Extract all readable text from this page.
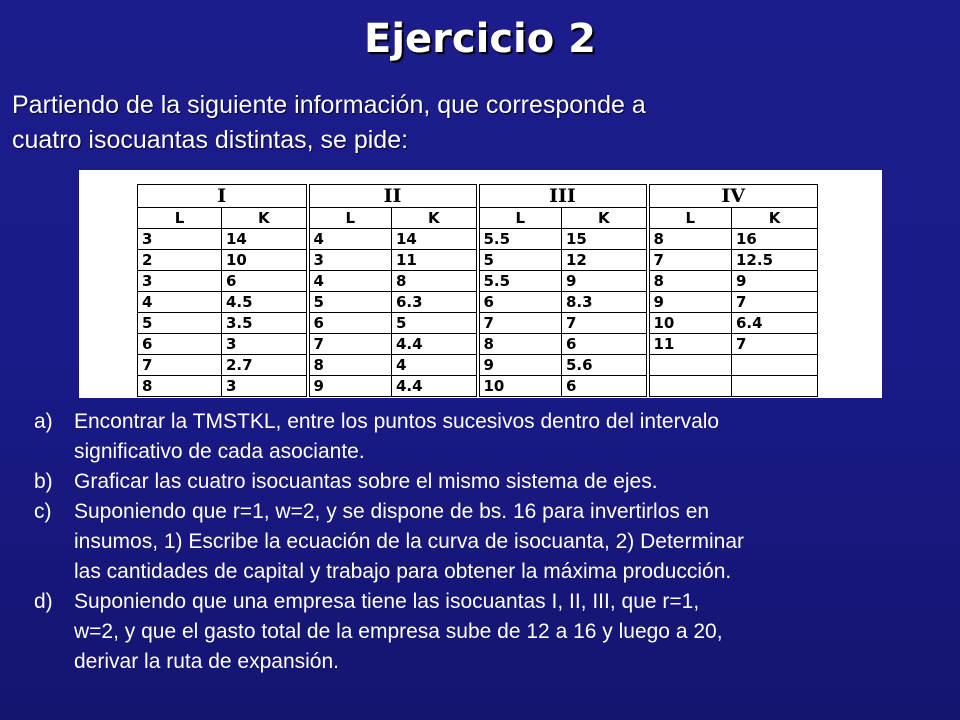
Ejercicio 2
Partiendo de la siguiente información, que corresponde a
cuatro isocuantas distintas, se pide:
I		II		III		IV	
L	K	L	K	L	K	L	K
3	14	4	14	5.5	15	8	16
2	10	3	11	5	12	7	12.5
3	6	4	8	5.5	9	8	9
4	4.5	5	6.3	6	8.3	9	7
5	3.5	6	5	7	7	10	6.4
6	3	7	4.4	8	6	11	7
7	2.7	8	4	9	5.6		
8	3	9	4.4	10	6		
a)	Encontrar la TMSTKL, entre los puntos sucesivos dentro del intervalo
significativo de cada asociante.
b)	Graficar las cuatro isocuantas sobre el mismo sistema de ejes.
c)	Suponiendo que r=1, w=2, y se dispone de bs. 16 para invertirlos en
insumos, 1) Escribe la ecuación de la curva de isocuanta, 2) Determinar
las cantidades de capital y trabajo para obtener la máxima producción.
d)	Suponiendo que una empresa tiene las isocuantas I, II, III, que r=1,
w=2, y que el gasto total de la empresa sube de 12 a 16 y luego a 20,
derivar la ruta de expansión.
